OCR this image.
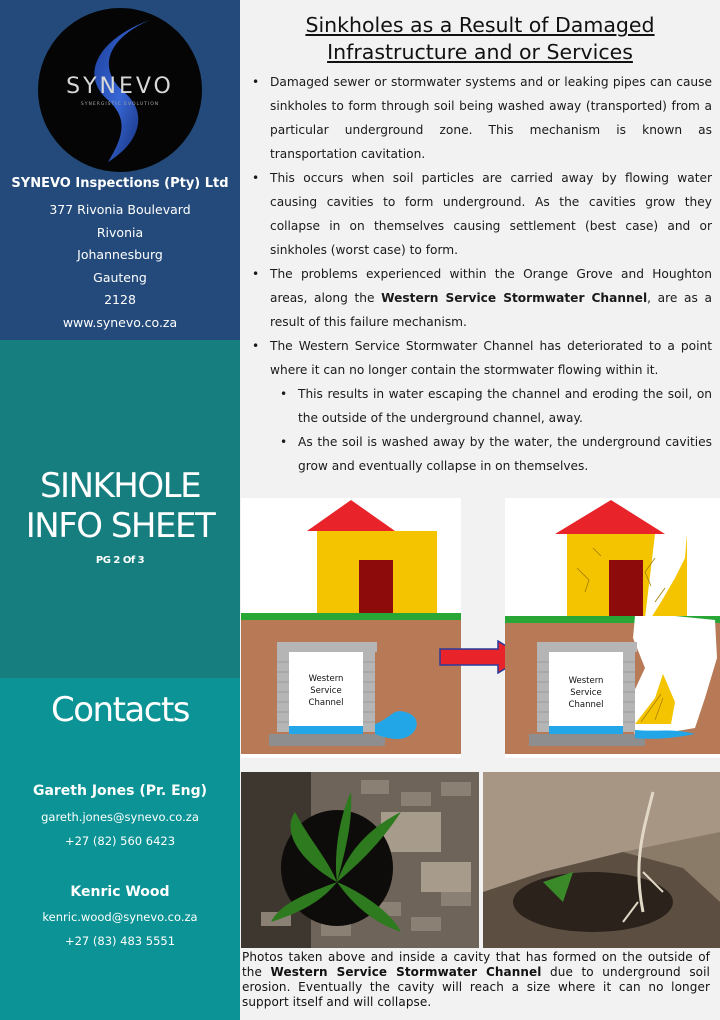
SYNEVO
SYNERGISTIC EVOLUTION
SYNEVO Inspections (Pty) Ltd
377 Rivonia Boulevard
Rivonia
Johannesburg
Gauteng
2128
www.synevo.co.za
SINKHOLE
INFO SHEET
PG 2 Of 3
Contacts
Gareth Jones (Pr. Eng)
gareth.jones@synevo.co.za
+27 (82) 560 6423
Kenric Wood
kenric.wood@synevo.co.za
+27 (83) 483 5551
Sinkholes as a Result of Damaged
Infrastructure and or Services
• Damaged sewer or stormwater systems and or leaking pipes can cause sinkholes to form through soil being washed away (transported) from a particular underground zone. This mechanism is known as transportation cavitation.
• This occurs when soil particles are carried away by flowing water causing cavities to form underground. As the cavities grow they collapse in on themselves causing settlement (best case) and or sinkholes (worst case) to form.
• The problems experienced within the Orange Grove and Houghton areas, along the Western Service Stormwater Channel, are as a result of this failure mechanism.
• The Western Service Stormwater Channel has deteriorated to a point where it can no longer contain the stormwater flowing within it.
• This results in water escaping the channel and eroding the soil, on the outside of the underground channel, away.
• As the soil is washed away by the water, the underground cavities grow and eventually collapse in on themselves.
Western
Service
Channel
Western
Service
Channel
Photos taken above and inside a cavity that has formed on the outside of the Western Service Stormwater Channel due to underground soil erosion. Eventually the cavity will reach a size where it can no longer support itself and will collapse.
